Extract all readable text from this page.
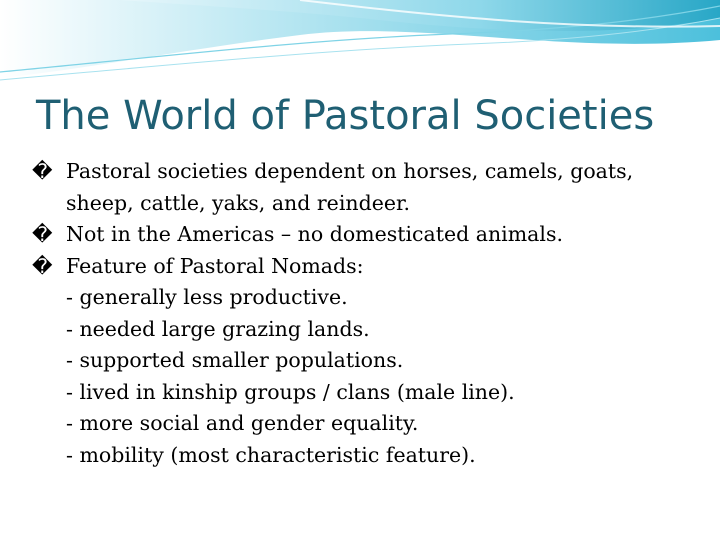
The World of Pastoral Societies
� Pastoral societies dependent on horses, camels, goats,
sheep, cattle, yaks, and reindeer.
� Not in the Americas – no domesticated animals.
� Feature of Pastoral Nomads:
- generally less productive.
- needed large grazing lands.
- supported smaller populations.
- lived in kinship groups / clans (male line).
- more social and gender equality.
- mobility (most characteristic feature).
